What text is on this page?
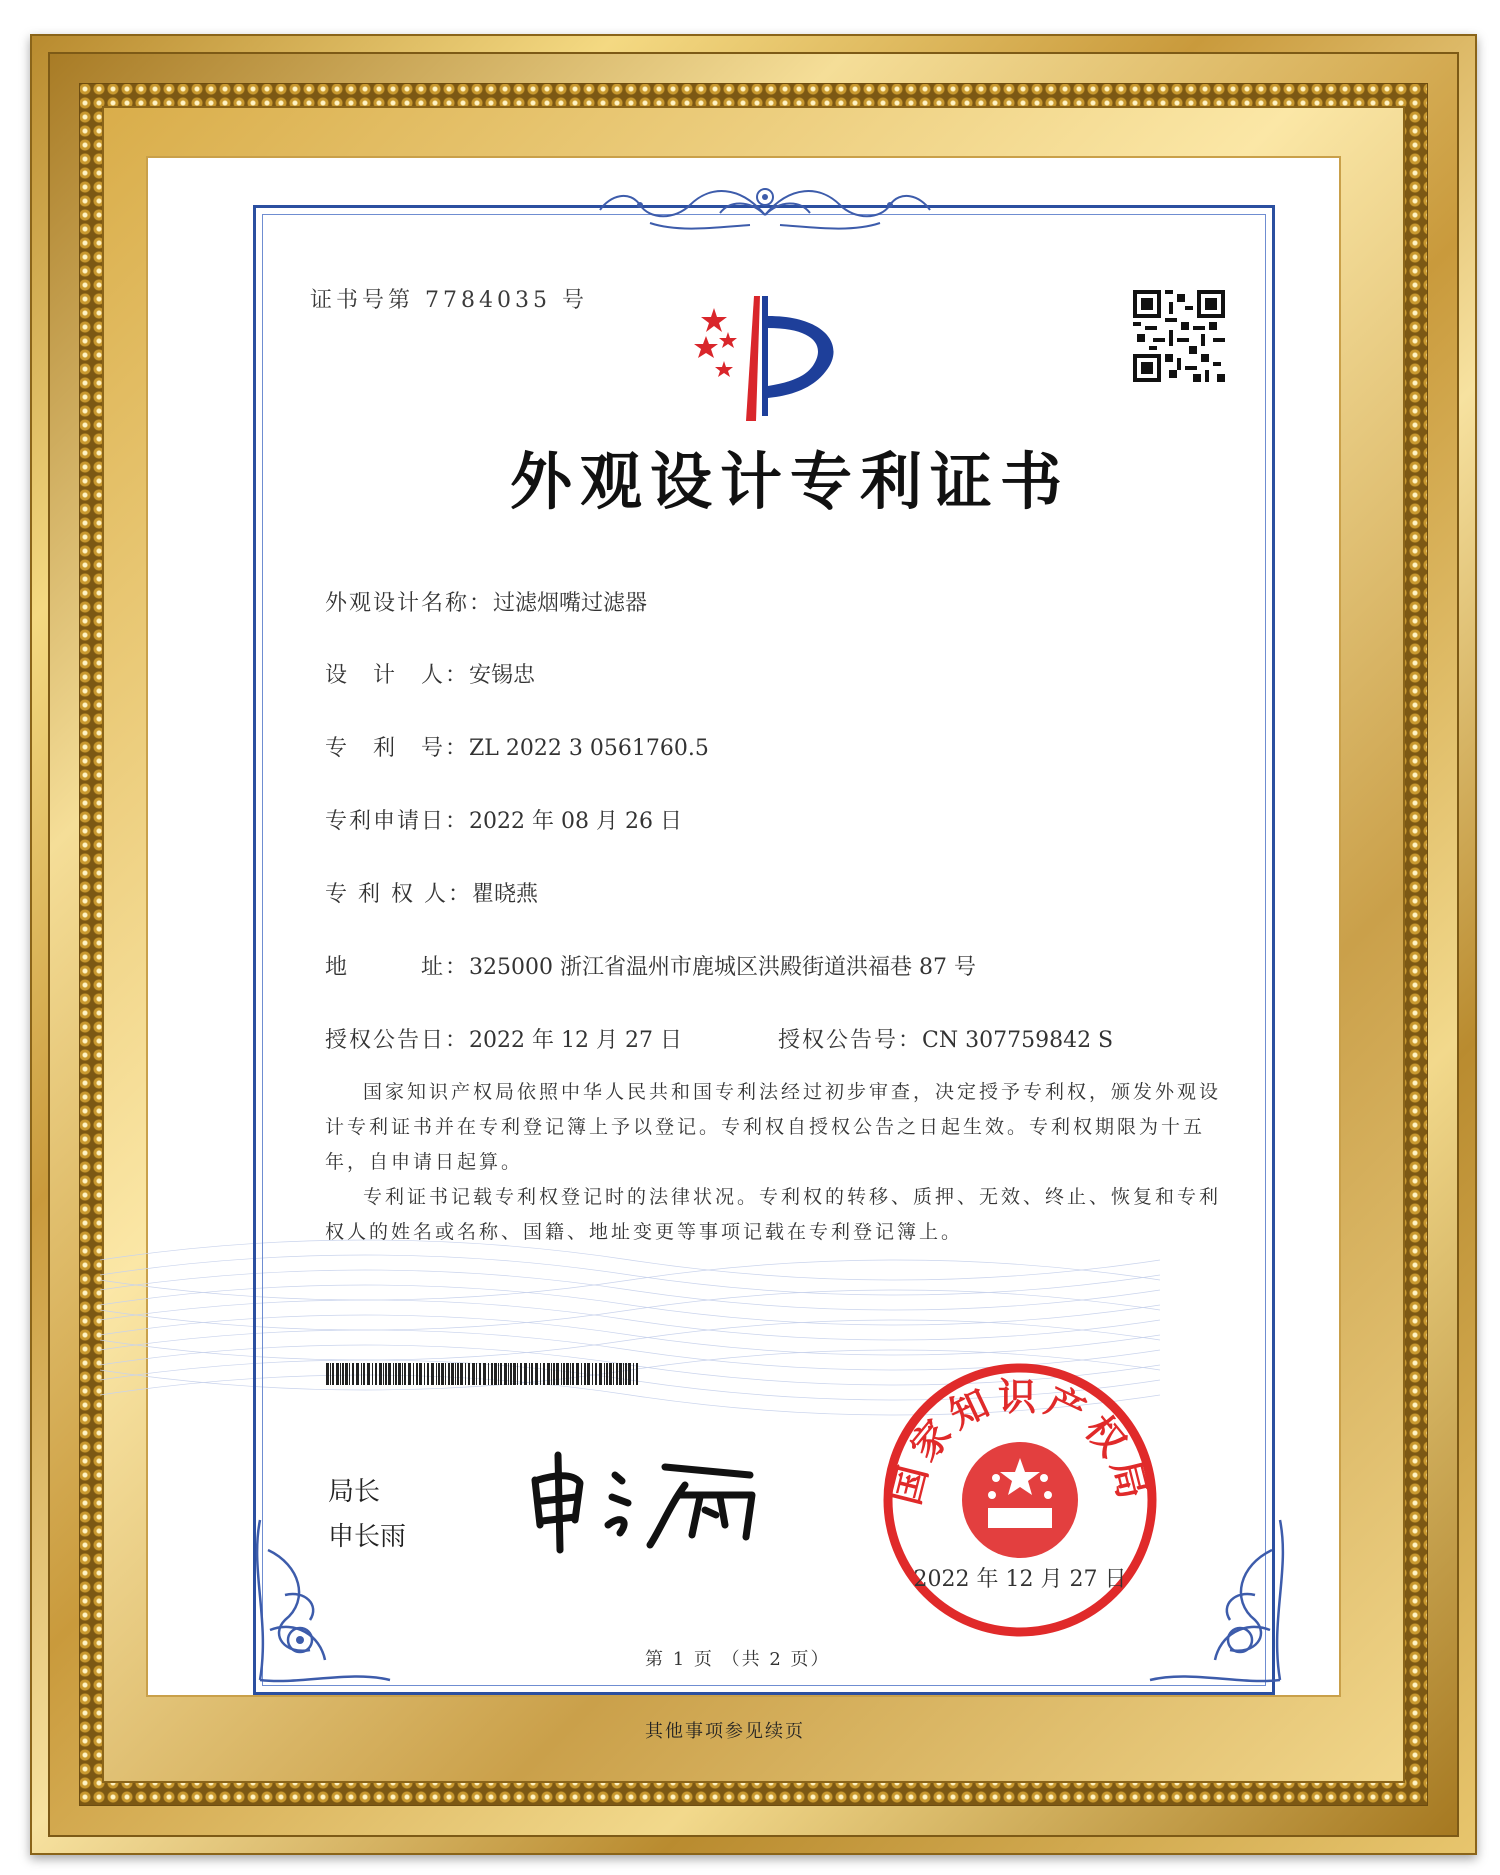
证书号第 7784035 号
外观设计专利证书
外观设计名称：过滤烟嘴过滤器
设　计　人：安锡忠
专　利　号：ZL 2022 3 0561760.5
专利申请日：2022 年 08 月 26 日
专 利 权 人：瞿晓燕
地　　　址：325000 浙江省温州市鹿城区洪殿街道洪福巷 87 号
授权公告日：2022 年 12 月 27 日	授权公告号：CN 307759842 S
国家知识产权局依照中华人民共和国专利法经过初步审查，决定授予专利权，颁发外观设计专利证书并在专利登记簿上予以登记。专利权自授权公告之日起生效。专利权期限为十五年，自申请日起算。
专利证书记载专利权登记时的法律状况。专利权的转移、质押、无效、终止、恢复和专利权人的姓名或名称、国籍、地址变更等事项记载在专利登记簿上。
局长
申长雨
国家知识产权局
2022 年 12 月 27 日
第 1 页 （共 2 页）
其他事项参见续页
